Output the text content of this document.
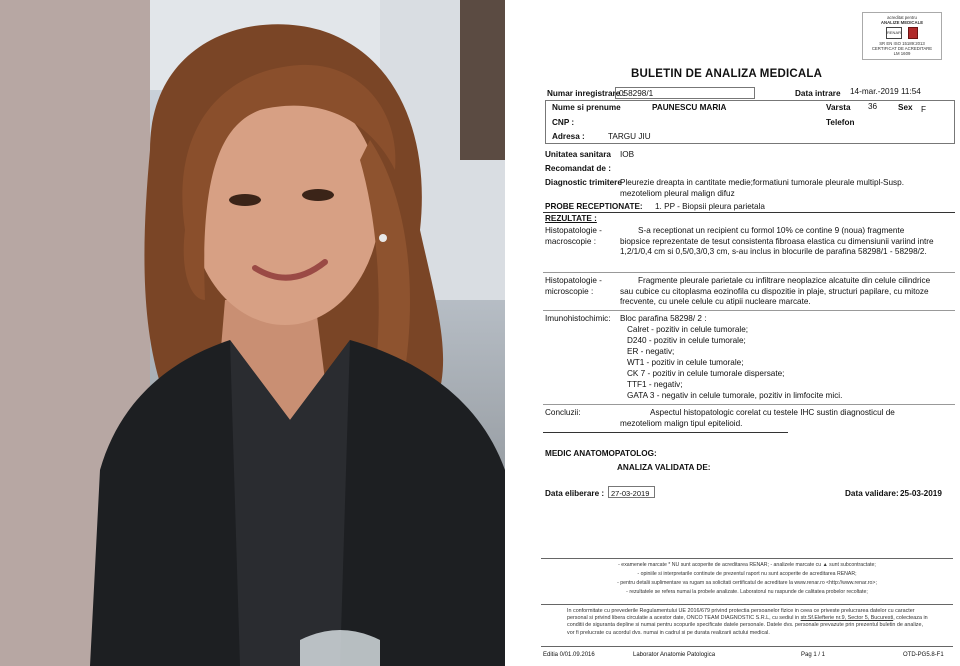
acreditat pentru
ANALIZE MEDICALE
RENAR
SR EN ISO 15189:2013
CERTIFICAT DE ACREDITARE
LM 1609
BULETIN DE ANALIZA MEDICALA
Numar inregistrare :
058298/1	Data intrare 14-mar.-2019 11:54
Nume si prenume	PAUNESCU MARIA	Varsta 36	Sex F
CNP :	Telefon
Adresa :	TARGU JIU
Unitatea sanitara IOB
Recomandat de :
Diagnostic trimitere
Pleurezie dreapta in cantitate medie;formatiuni tumorale pleurale multipl-Susp. mezoteliom pleural malign difuz
PROBE RECEPTIONATE: 1. PP - Biopsii pleura parietala
REZULTATE :
Histopatologie -
macroscopie :
S-a receptionat un recipient cu formol 10% ce contine 9 (noua) fragmente biopsice reprezentate de tesut consistenta fibroasa elastica cu dimensiunii variind intre 1,2/1/0,4 cm si 0,5/0,3/0,3 cm, s-au inclus in blocurile de parafina 58298/1 - 58298/2.
Histopatologie -
microscopie :
Fragmente pleurale parietale cu infiltrare neoplazice alcatuite din celule cilindrice sau cubice cu citoplasma eozinofila cu dispozitie in plaje, structuri papilare, cu mitoze frecvente, cu unele celule cu atipii nucleare marcate.
Imunohistochimic: Bloc parafina 58298/ 2 :
Calret - pozitiv in celule tumorale;
D240 - pozitiv in celule tumorale;
ER - negativ;
WT1 - pozitiv in celule tumorale;
CK 7 - pozitiv in celule tumorale dispersate;
TTF1 - negativ;
GATA 3 - negativ in celule tumorale, pozitiv in limfocite mici.
Concluzii:	Aspectul histopatologic corelat cu testele IHC sustin diagnosticul de mezoteliom malign tipul epitelioid.
MEDIC ANATOMOPATOLOG:
ANALIZA VALIDATA DE:
Data eliberare : 27-03-2019	Data validare: 25-03-2019
- examenele marcate * NU sunt acoperite de acreditarea RENAR; - analizele marcate cu ▲ sunt subcontractate;
- opiniile si interpretarile continute de prezentul raport nu sunt acoperite de acreditarea RENAR;
- pentru detalii suplimentare va rugam sa solicitati certificatul de acreditare la www.renar.ro <http://www.renar.ro>;
- rezultatele se refera numai la probele analizate. Laboratorul nu raspunde de calitatea probelor recoltate;
In conformitate cu prevederile Regulamentului UE 2016/679 privind protectia persoanelor fizice in ceea ce priveste prelucrarea datelor cu caracter personal si privind libera circulatie a acestor date, ONCO TEAM DIAGNOSTIC S.R.L, cu sediul in str.Sf.Elefterie nr.9, Sector 5, Bucuresti, colecteaza in conditii de siguranta depline si numai pentru scopurile specificate datele personale. Datele dvs. personale prevazute prin prezentul buletin de analize, vor fi prelucrate cu acordul dvs. numai in cadrul si pe durata realizarii actului medical.
Editia 0/01.09.2016	Laborator Anatomie Patologica	Pag 1 / 1	OTD-PG5.8-F1
